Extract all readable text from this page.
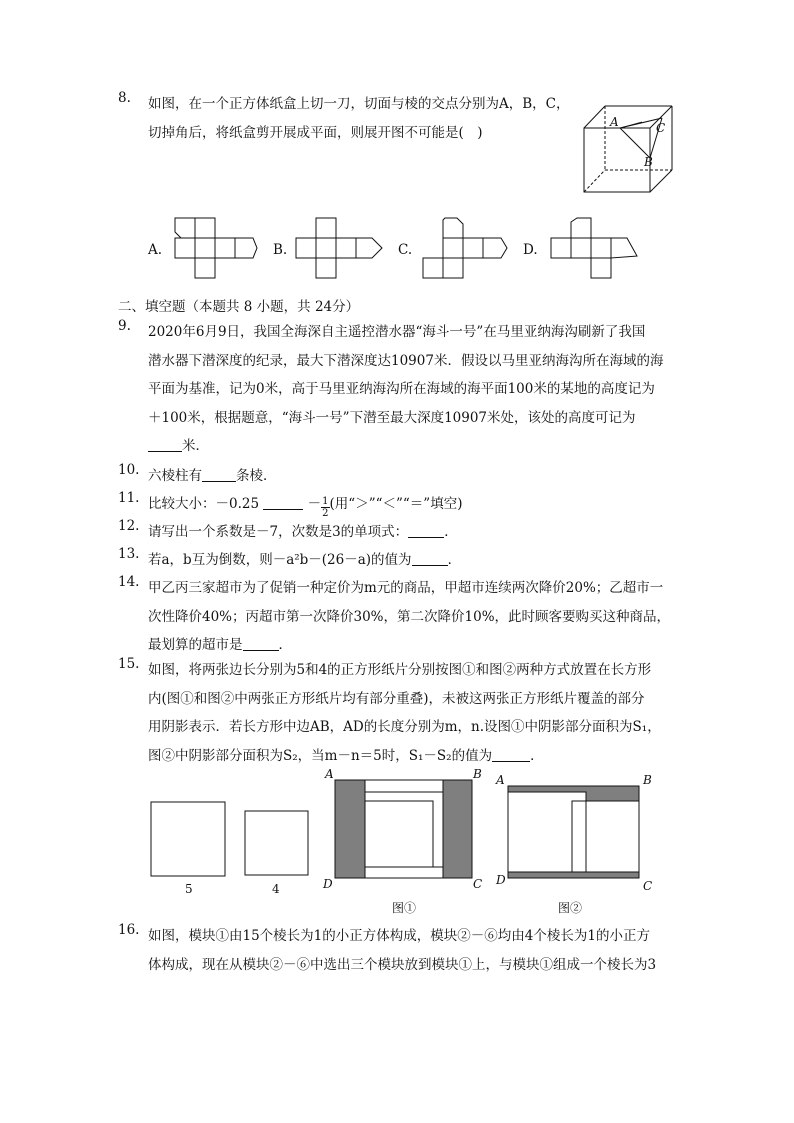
8.	如图，在一个正方体纸盒上切一刀，切面与棱的交点分别为A，B，C，
切掉角后，将纸盒剪开展成平面，则展开图不可能是(　)
A	C
B
A.	B.	C.	D.
二、填空题（本题共 8 小题，共 24分）
9.	2020年6月9日，我国全海深自主遥控潜水器“海斗一号”在马里亚纳海沟刷新了我国
潜水器下潜深度的纪录，最大下潜深度达10907米．假设以马里亚纳海沟所在海域的海
平面为基准，记为0米，高于马里亚纳海沟所在海域的海平面100米的某地的高度记为
＋100米，根据题意，“海斗一号”下潜至最大深度10907米处，该处的高度可记为
米．
10. 六棱柱有	条棱．
11. 比较大小：－0.25	－ $\frac{1}{2}$ (用“＞”“＜”“＝”填空)
12. 请写出一个系数是－7，次数是3的单项式：	．
13. 若a，b互为倒数，则－a²b－(26－a)的值为	．
14. 甲乙丙三家超市为了促销一种定价为m元的商品，甲超市连续两次降价20%；乙超市一
次性降价40%；丙超市第一次降价30%，第二次降价10%，此时顾客要购买这种商品，
最划算的超市是	．
15. 如图，将两张边长分别为5和4的正方形纸片分别按图①和图②两种方式放置在长方形
内(图①和图②中两张正方形纸片均有部分重叠)，未被这两张正方形纸片覆盖的部分
用阴影表示．若长方形中边AB，AD的长度分别为m，n.设图①中阴影部分面积为S₁，
图②中阴影部分面积为S₂，当m－n＝5时，S₁－S₂的值为	．
5	4
A	B
D	C
图①
A	B
D	C
图②
16. 如图，模块①由15个棱长为1的小正方体构成，模块②－⑥均由4个棱长为1的小正方
体构成，现在从模块②－⑥中选出三个模块放到模块①上，与模块①组成一个棱长为3
